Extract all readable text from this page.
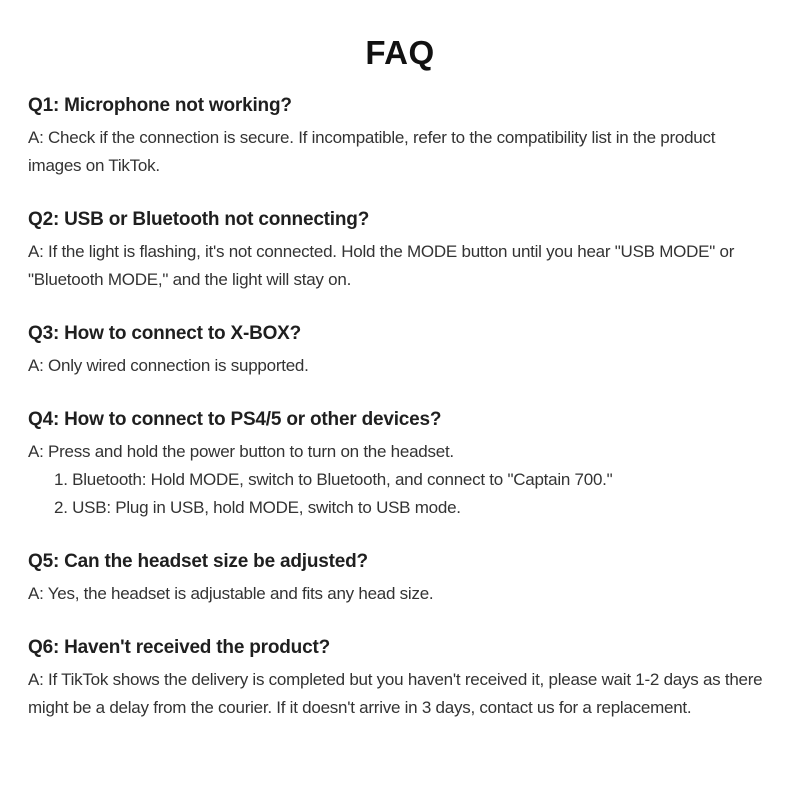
FAQ
Q1: Microphone not working?

A: Check if the connection is secure. If incompatible, refer to the compatibility list in the product images on TikTok.

Q2: USB or Bluetooth not connecting?

A: If the light is flashing, it's not connected. Hold the MODE button until you hear "USB MODE" or "Bluetooth MODE," and the light will stay on.

Q3: How to connect to X-BOX?

A: Only wired connection is supported.

Q4: How to connect to PS4/5 or other devices?

A: Press and hold the power button to turn on the headset.

1. Bluetooth: Hold MODE, switch to Bluetooth, and connect to "Captain 700."

2. USB: Plug in USB, hold MODE, switch to USB mode.

Q5: Can the headset size be adjusted?

A: Yes, the headset is adjustable and fits any head size.

Q6: Haven't received the product?

A: If TikTok shows the delivery is completed but you haven't received it, please wait 1-2 days as there might be a delay from the courier. If it doesn't arrive in 3 days, contact us for a replacement.
